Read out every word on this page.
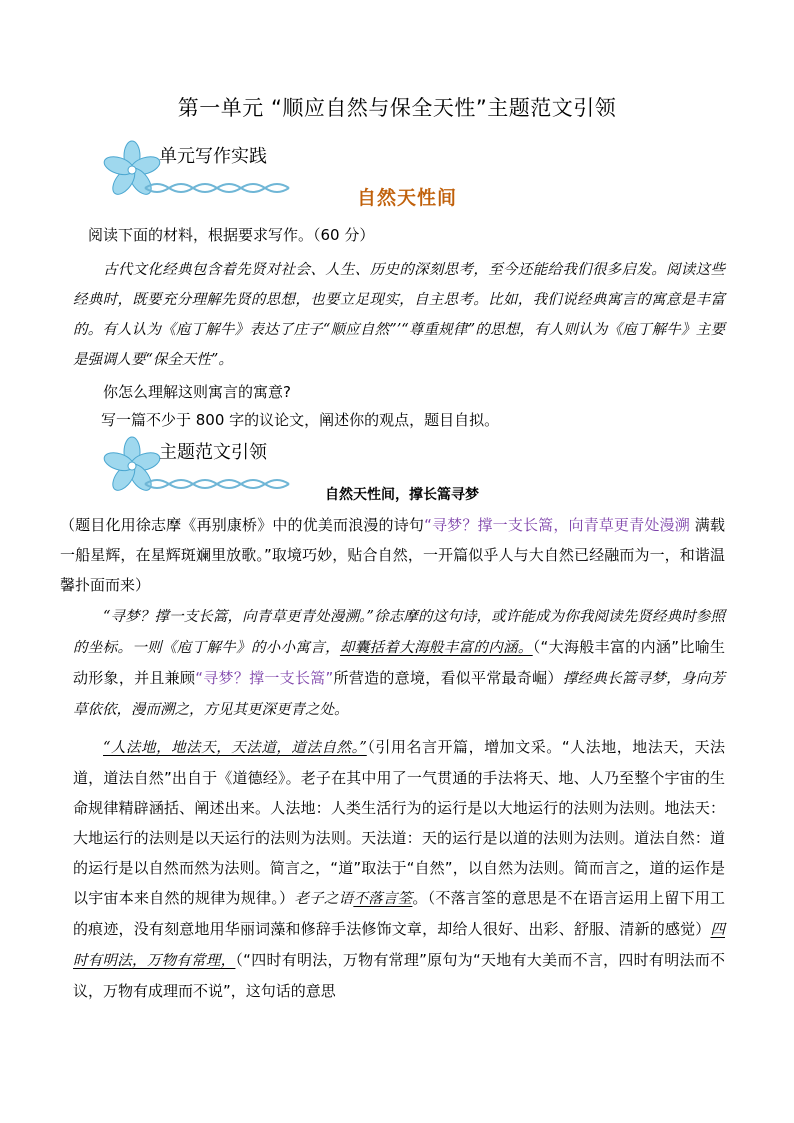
第一单元 “顺应自然与保全天性”主题范文引领
单元写作实践
自然天性间
阅读下面的材料，根据要求写作。（60 分）
古代文化经典包含着先贤对社会、人生、历史的深刻思考，至今还能给我们很多启发。阅读这些经典时，既要充分理解先贤的思想，也要立足现实，自主思考。比如，我们说经典寓言的寓意是丰富的。有人认为《庖丁解牛》表达了庄子“顺应自然”’“尊重规律”的思想，有人则认为《庖丁解牛》主要是强调人要“保全天性”。
你怎么理解这则寓言的寓意?
写一篇不少于 800 字的议论文，阐述你的观点，题目自拟。
主题范文引领
自然天性间，撑长篙寻梦
（题目化用徐志摩《再别康桥》中的优美而浪漫的诗句“寻梦？撑一支长篙，向青草更青处漫溯 满载一船星辉，在星辉斑斓里放歌。”取境巧妙，贴合自然，一开篇似乎人与大自然已经融而为一，和谐温馨扑面而来）
“寻梦？撑一支长篙，向青草更青处漫溯。”徐志摩的这句诗，或许能成为你我阅读先贤经典时参照的坐标。一则《庖丁解牛》的小小寓言，却囊括着大海般丰富的内涵。（“大海般丰富的内涵”比喻生动形象，并且兼顾“寻梦？撑一支长篙”所营造的意境，看似平常最奇崛）撑经典长篙寻梦，身向芳草依依，漫而溯之，方见其更深更青之处。
“人法地，地法天，天法道，道法自然。”（引用名言开篇，增加文采。“人法地，地法天，天法道，道法自然”出自于《道德经》。老子在其中用了一气贯通的手法将天、地、人乃至整个宇宙的生命规律精辟涵括、阐述出来。人法地：人类生活行为的运行是以大地运行的法则为法则。地法天：大地运行的法则是以天运行的法则为法则。天法道：天的运行是以道的法则为法则。道法自然：道的运行是以自然而然为法则。简言之，“道”取法于“自然”，以自然为法则。简而言之，道的运作是以宇宙本来自然的规律为规律。）老子之语不落言筌。（不落言筌的意思是不在语言运用上留下用工的痕迹，没有刻意地用华丽词藻和修辞手法修饰文章，却给人很好、出彩、舒服、清新的感觉）四时有明法，万物有常理，（“四时有明法，万物有常理”原句为“天地有大美而不言，四时有明法而不议，万物有成理而不说”，这句话的意思
